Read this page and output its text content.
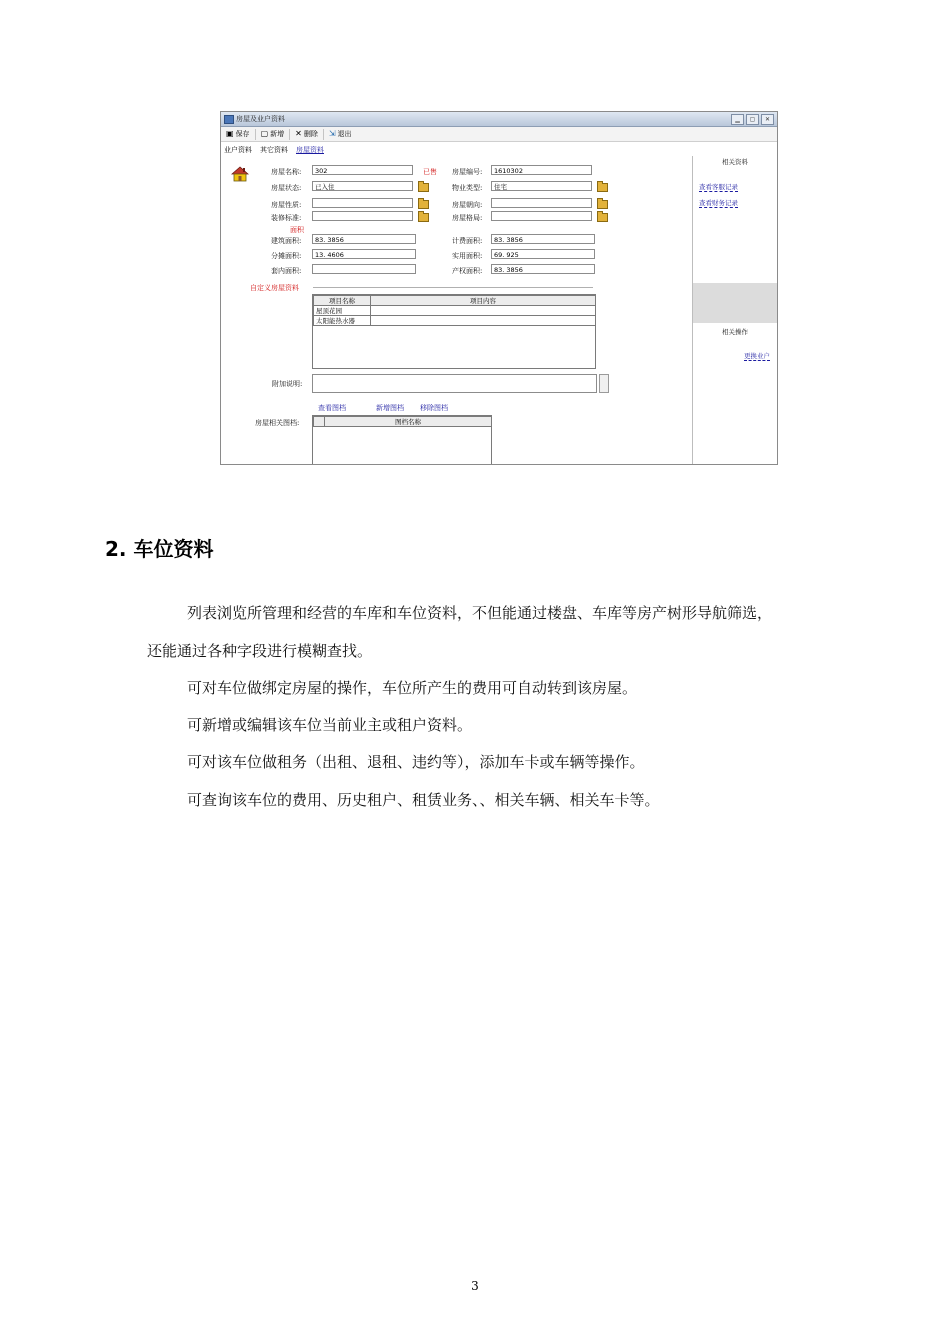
房屋及业户资料	▁	▢	✕
▣ 保存 ▢ 新增 ✕ 删除 ⇲ 退出
业户资料 其它资料 房屋资料
房屋名称:	302	已售 房屋编号:	1610302
房屋状态:	已入住	物业类型:	住宅
房屋性质:	房屋朝向:
装修标准:	房屋格局:
面积
建筑面积:	83. 3856	计费面积:	83. 3856
分摊面积:	13. 4606	实用面积:	69. 925
套内面积:	产权面积:	83. 3856
自定义房屋资料
项目名称	项目内容
屋顶花园	
太阳能热水器	
附加说明:
查看图档	新增图档 移除图档
房屋相关图档:
		图档名称
相关资料
查看客服记录
查看财务记录
相关操作
更换业户
2. 车位资料
列表浏览所管理和经营的车库和车位资料，不但能通过楼盘、车库等房产树形导航筛选，
还能通过各种字段进行模糊查找。
可对车位做绑定房屋的操作，车位所产生的费用可自动转到该房屋。
可新增或编辑该车位当前业主或租户资料。
可对该车位做租务（出租、退租、违约等），添加车卡或车辆等操作。
可查询该车位的费用、历史租户、租赁业务、、相关车辆、相关车卡等。
3
